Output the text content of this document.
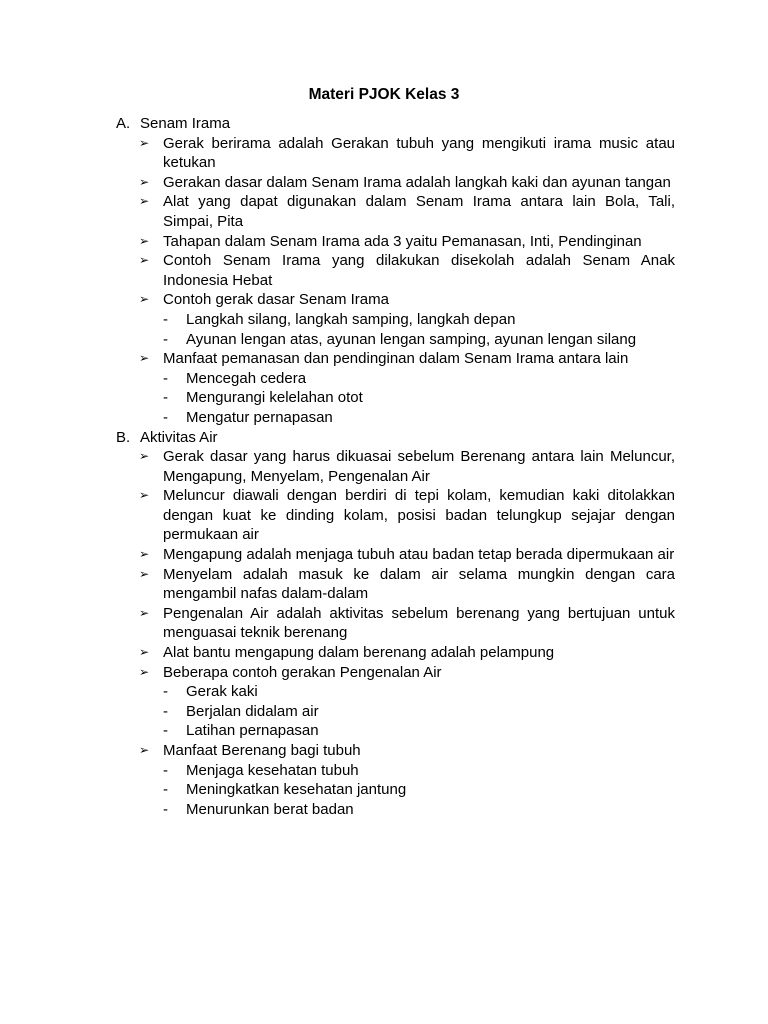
Materi PJOK Kelas 3
A. Senam Irama
➢ Gerak berirama adalah Gerakan tubuh yang mengikuti irama music atau ketukan
➢ Gerakan dasar dalam Senam Irama adalah langkah kaki dan ayunan tangan
➢ Alat yang dapat digunakan dalam Senam Irama antara lain Bola, Tali, Simpai, Pita
➢ Tahapan dalam Senam Irama ada 3 yaitu Pemanasan, Inti, Pendinginan
➢ Contoh Senam Irama yang dilakukan disekolah adalah Senam Anak Indonesia Hebat
➢ Contoh gerak dasar Senam Irama
-	Langkah silang, langkah samping, langkah depan
-	Ayunan lengan atas, ayunan lengan samping, ayunan lengan silang
➢ Manfaat pemanasan dan pendinginan dalam Senam Irama antara lain
-	Mencegah cedera
-	Mengurangi kelelahan otot
-	Mengatur pernapasan
B. Aktivitas Air
➢ Gerak dasar yang harus dikuasai sebelum Berenang antara lain Meluncur, Mengapung, Menyelam, Pengenalan Air
➢ Meluncur diawali dengan berdiri di tepi kolam, kemudian kaki ditolakkan dengan kuat ke dinding kolam, posisi badan telungkup sejajar dengan permukaan air
➢ Mengapung adalah menjaga tubuh atau badan tetap berada dipermukaan air
➢ Menyelam adalah masuk ke dalam air selama mungkin dengan cara mengambil nafas dalam-dalam
➢ Pengenalan Air adalah aktivitas sebelum berenang yang bertujuan untuk menguasai teknik berenang
➢ Alat bantu mengapung dalam berenang adalah pelampung
➢ Beberapa contoh gerakan Pengenalan Air
-	Gerak kaki
-	Berjalan didalam air
-	Latihan pernapasan
➢ Manfaat Berenang bagi tubuh
-	Menjaga kesehatan tubuh
-	Meningkatkan kesehatan jantung
-	Menurunkan berat badan
